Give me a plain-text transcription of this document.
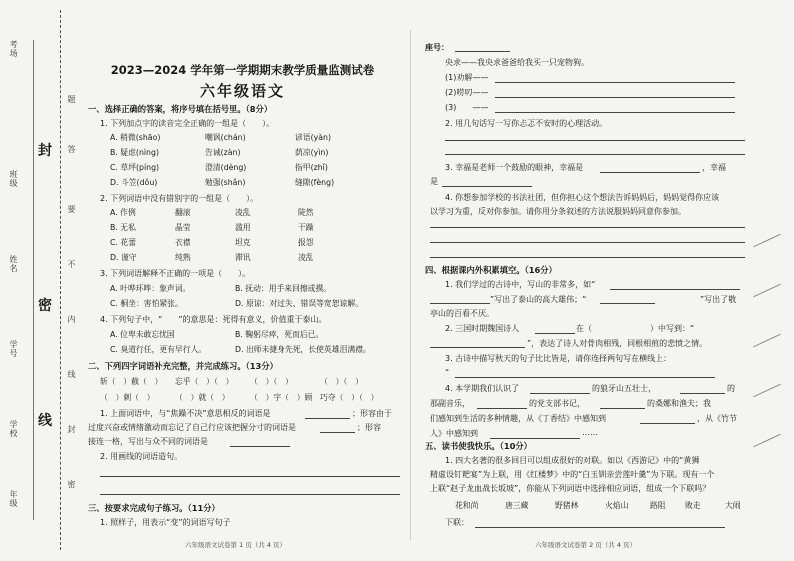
考场
班级
姓名
学号
学校
年级
密
封
线
题
答
要
不
内
线
封
密
2023—2024 学年第一学期期末教学质量监测试卷
六年级语文
一、选择正确的答案，将序号填在括号里。（8分）
1. 下列加点字的读音完全正确的一组是（　　）。
A. 稍微(shāo)	嘲讽(chán)	谚语(yàn)
B. 疑虑(nìng)	告诫(zàn)	荫凉(yìn)
C. 草坪(píng)	澄清(dèng)	指甲(zhǐ)
D. 斗笠(dǒu)	勉强(shǎn)	缝隙(fèng)
2. 下列词语中没有错别字的一组是（　　）。
A. 作例	翻滚	凌乱	陡然
B. 无私	晶莹	滥用	干躁
C. 花蕾	衣襟	坦克	报怨
D. 谨守	纯熟	滞讯	凌乱
3. 下列词语解释不正确的一项是（　　）。
A. 叶哗环哗：象声词。	B. 抚动：用手来回擦或摸。
C. 桐坐：害怕紧张。	D. 原谅：对过失、错误等宽恕谅解。
4. 下列句子中，“　　”的意思是：死得有意义，价值重于泰山。
A. 位卑未敢忘忧国	B. 鞠躬尽瘁，死而后已。
C. 臭道行任，更有早行人。	D. 出师未捷身先死，长使英雄泪满襟。
二、下列四字词语补充完整，并完成练习。（13分）
斩（　）截（　） 忘乎（　）（　） （　）（　）	（　）（　）
（　）刺（　）	（　）就（　）	（　）字（　）顾 巧夺（　）（　）
1. 上面词语中，与“焦躁不决”意思相反的词语是	；形容由于
过度兴奋或情绪激动而忘记了自己行应该把握分寸的词语是	；形容
接连一格，写出与众不同的词语是
2. 用画线的词语造句。
三、按要求完成句子练习。（11分）
1. 照样子，用表示“变”的词语写句子
六年级语文试卷第 1 页（共 4 页）
座号：
央求——我央求爸爸给我买一只宠物狗。
(1)劝解——
(2)唠叨——
(3)　　——
2. 用几句话写一写你忐忑不安时的心理活动。
3. 幸福是老师一个鼓励的眼神，幸福是	，幸福
是
4. 你想参加学校的书法社团，但你担心这个想法告诉妈妈后，妈妈觉得你应该
以学习为重，反对你参加。请你用分条叙述的方法说服妈妈同意你参加。
四、根据课内外积累填空。（16分）
1. 我们学过的古诗中，写山的非常多，如“
”写出了泰山的高大雄伟；“	”写出了敬
亭山的百看不厌。
2. 三国时期魏国诗人	在（	）中写到：“
”，表达了诗人对骨肉相残，同根相煎的悲愤之情。
3. 古诗中描写秋天的句子比比皆是，请你连择两句写在横线上：
“
4. 本学期我们认识了	的狼牙山五壮士，	的
那副音乐，	的党支部书记，	的桑娜和渔夫；我
们感知到生活的多种情趣，从《丁香结》中感知到	，从《竹节
人》中感知到	……
五、读书使我快乐。（10分）
1. 四大名著的很多回目可以组成很好的对联。如以《西游记》中的“黄狮
精虚设钉耙宴”为上联，用《红楼梦》中的“白玉钏亲尝莲叶羹”为下联。现有一个
上联“赵子龙血战长坂坡”，你能从下列词语中选择相应词语，组成一个下联吗？
花和尚	唐三藏	野猪林	火焰山	路阻 败走	大闹
下联：
六年级语文试卷第 2 页（共 4 页）
